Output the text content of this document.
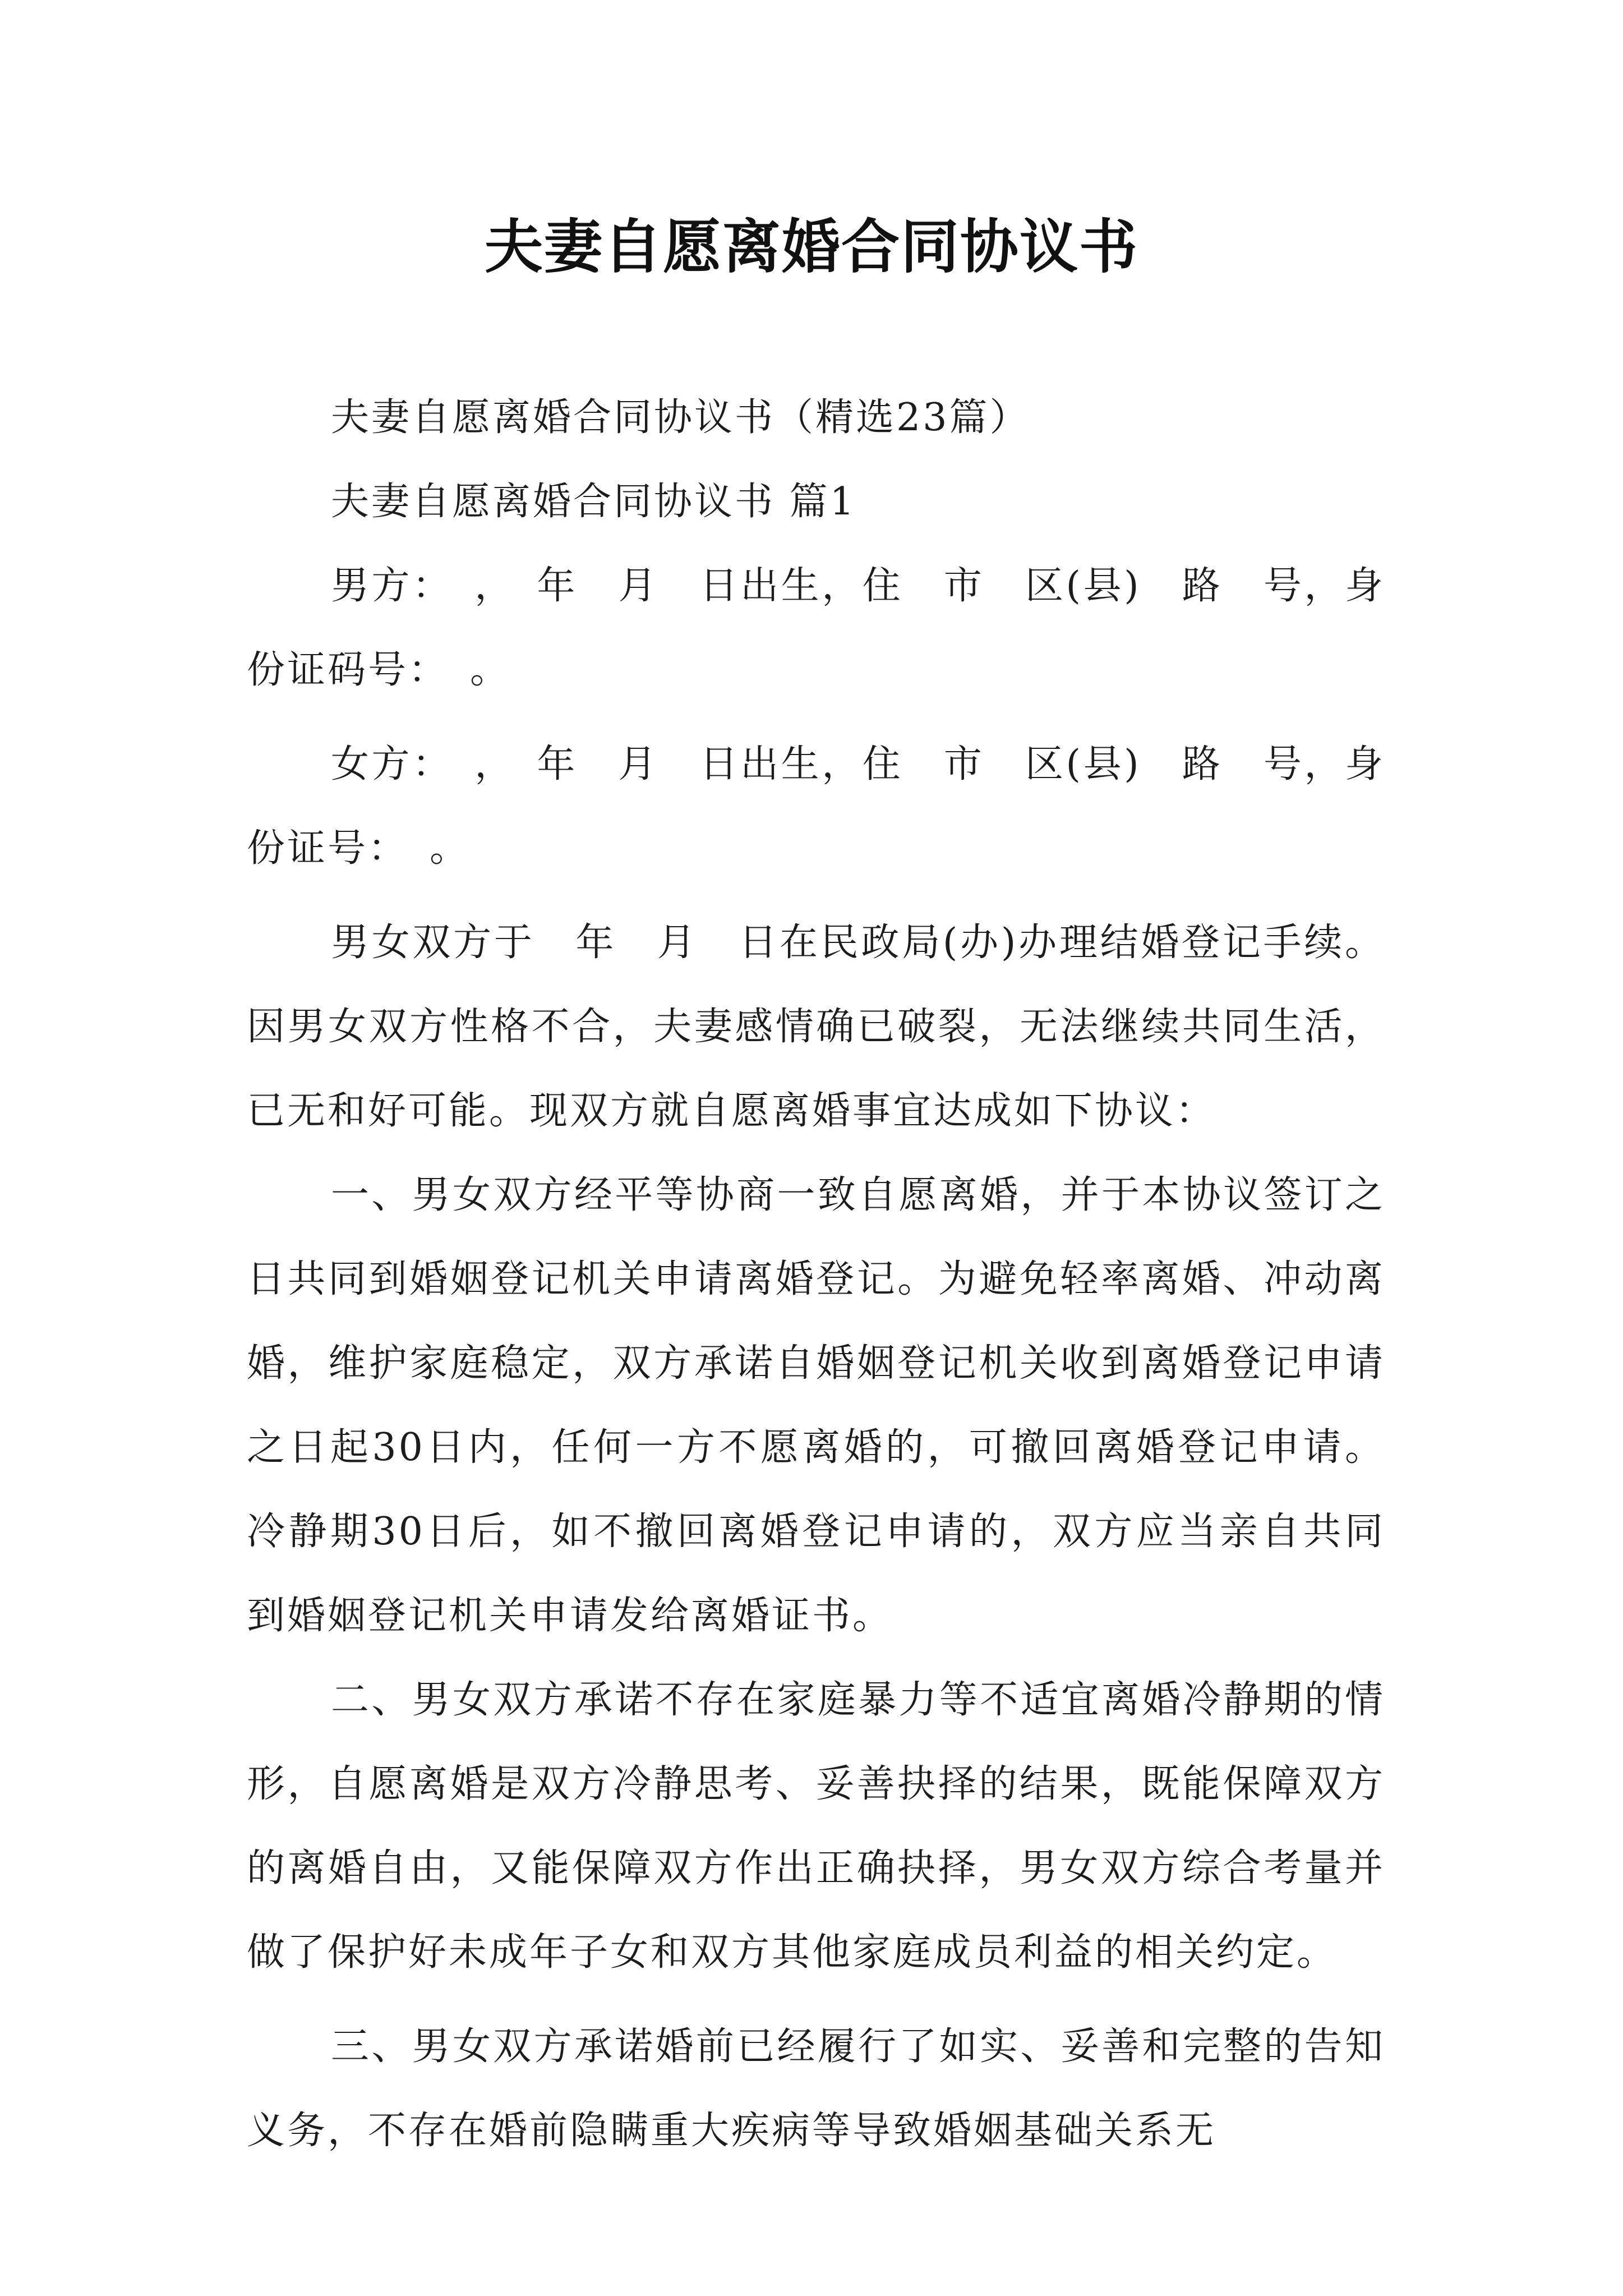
夫妻自愿离婚合同协议书

夫妻自愿离婚合同协议书（精选23篇）

夫妻自愿离婚合同协议书 篇1

男方：　，　年　月　日出生，住　市　区(县)　路　号，身份证码号：　。

女方：　，　年　月　日出生，住　市　区(县)　路　号，身份证号：　。

男女双方于　年　月　日在民政局(办)办理结婚登记手续。因男女双方性格不合，夫妻感情确已破裂，无法继续共同生活，已无和好可能。现双方就自愿离婚事宜达成如下协议：

一、男女双方经平等协商一致自愿离婚，并于本协议签订之日共同到婚姻登记机关申请离婚登记。为避免轻率离婚、冲动离婚，维护家庭稳定，双方承诺自婚姻登记机关收到离婚登记申请之日起30日内，任何一方不愿离婚的，可撤回离婚登记申请。冷静期30日后，如不撤回离婚登记申请的，双方应当亲自共同到婚姻登记机关申请发给离婚证书。

二、男女双方承诺不存在家庭暴力等不适宜离婚冷静期的情形，自愿离婚是双方冷静思考、妥善抉择的结果，既能保障双方的离婚自由，又能保障双方作出正确抉择，男女双方综合考量并做了保护好未成年子女和双方其他家庭成员利益的相关约定。

三、男女双方承诺婚前已经履行了如实、妥善和完整的告知义务，不存在婚前隐瞒重大疾病等导致婚姻基础关系无
